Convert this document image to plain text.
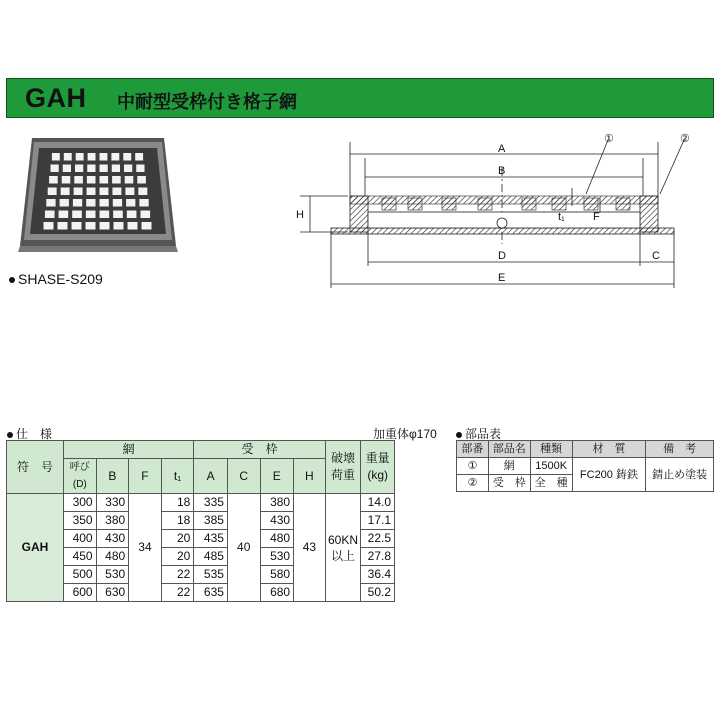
GAH 中耐型受枠付き格子網
SHASE-S209
A
B
D
E
C
H	F
t₁
①	②
仕　様	加重体φ170
符　号	網				受　枠				破壊荷重	重量(kg)
	呼び(D)	B	F	t₁	A	C	E	H		
GAH	300	330	34	18	335	40	380	43	60KN以上	14.0
	350	380		18	385		430			17.1
	400	430		20	435		480			22.5
	450	480		20	485		530			27.8
	500	530		22	535		580			36.4
	600	630		22	635		680			50.2
部品表
部番	部品名	種類	材　質	備　考
①	網	1500K	FC200 鋳鉄	錆止め塗装
②	受　枠	全　種		
